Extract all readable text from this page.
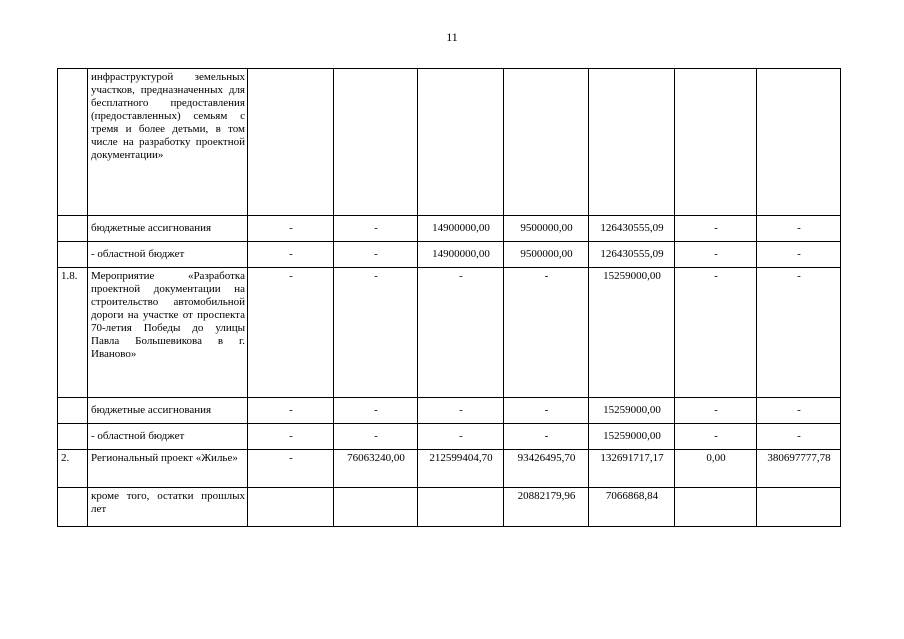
11
	инфраструктурой земельных участков, предназначенных для бесплатного предоставления (предоставленных) семьям с тремя и более детьми, в том числе на разработку проектной документации»							
	бюджетные ассигнования	-	-	14900000,00	9500000,00	126430555,09	-	-
	- областной бюджет	-	-	14900000,00	9500000,00	126430555,09	-	-
1.8.	Мероприятие «Разработка проектной документации на строительство автомобильной дороги на участке от проспекта 70-летия Победы до улицы Павла Большевикова в г. Иваново»	-	-	-	-	15259000,00	-	-
	бюджетные ассигнования	-	-	-	-	15259000,00	-	-
	- областной бюджет	-	-	-	-	15259000,00	-	-
2.	Региональный проект «Жилье»	-	76063240,00	212599404,70	93426495,70	132691717,17	0,00	380697777,78
	кроме того, остатки прошлых лет				20882179,96	7066868,84		
